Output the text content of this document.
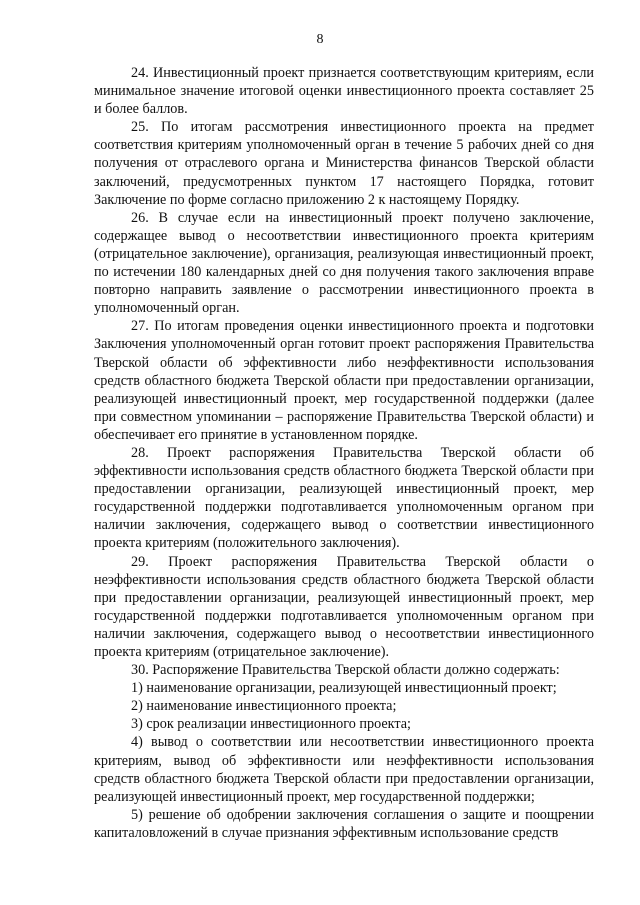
8

24. Инвестиционный проект признается соответствующим критериям, если минимальное значение итоговой оценки инвестиционного проекта составляет 25 и более баллов.

25. По итогам рассмотрения инвестиционного проекта на предмет соответствия критериям уполномоченный орган в течение 5 рабочих дней со дня получения от отраслевого органа и Министерства финансов Тверской области заключений, предусмотренных пунктом 17 настоящего Порядка, готовит Заключение по форме согласно приложению 2 к настоящему Порядку.

26. В случае если на инвестиционный проект получено заключение, содержащее вывод о несоответствии инвестиционного проекта критериям (отрицательное заключение), организация, реализующая инвестиционный проект, по истечении 180 календарных дней со дня получения такого заключения вправе повторно направить заявление о рассмотрении инвестиционного проекта в уполномоченный орган.

27. По итогам проведения оценки инвестиционного проекта и подготовки Заключения уполномоченный орган готовит проект распоряжения Правительства Тверской области об эффективности либо неэффективности использования средств областного бюджета Тверской области при предоставлении организации, реализующей инвестиционный проект, мер государственной поддержки (далее при совместном упоминании – распоряжение Правительства Тверской области) и обеспечивает его принятие в установленном порядке.

28. Проект распоряжения Правительства Тверской области об эффективности использования средств областного бюджета Тверской области при предоставлении организации, реализующей инвестиционный проект, мер государственной поддержки подготавливается уполномоченным органом при наличии заключения, содержащего вывод о соответствии инвестиционного проекта критериям (положительного заключения).

29. Проект распоряжения Правительства Тверской области о неэффективности использования средств областного бюджета Тверской области при предоставлении организации, реализующей инвестиционный проект, мер государственной поддержки подготавливается уполномоченным органом при наличии заключения, содержащего вывод о несоответствии инвестиционного проекта критериям (отрицательное заключение).

30. Распоряжение Правительства Тверской области должно содержать:

1) наименование организации, реализующей инвестиционный проект;

2) наименование инвестиционного проекта;

3) срок реализации инвестиционного проекта;

4) вывод о соответствии или несоответствии инвестиционного проекта критериям, вывод об эффективности или неэффективности использования средств областного бюджета Тверской области при предоставлении организации, реализующей инвестиционный проект, мер государственной поддержки;

5) решение об одобрении заключения соглашения о защите и поощрении капиталовложений в случае признания эффективным использование средств
